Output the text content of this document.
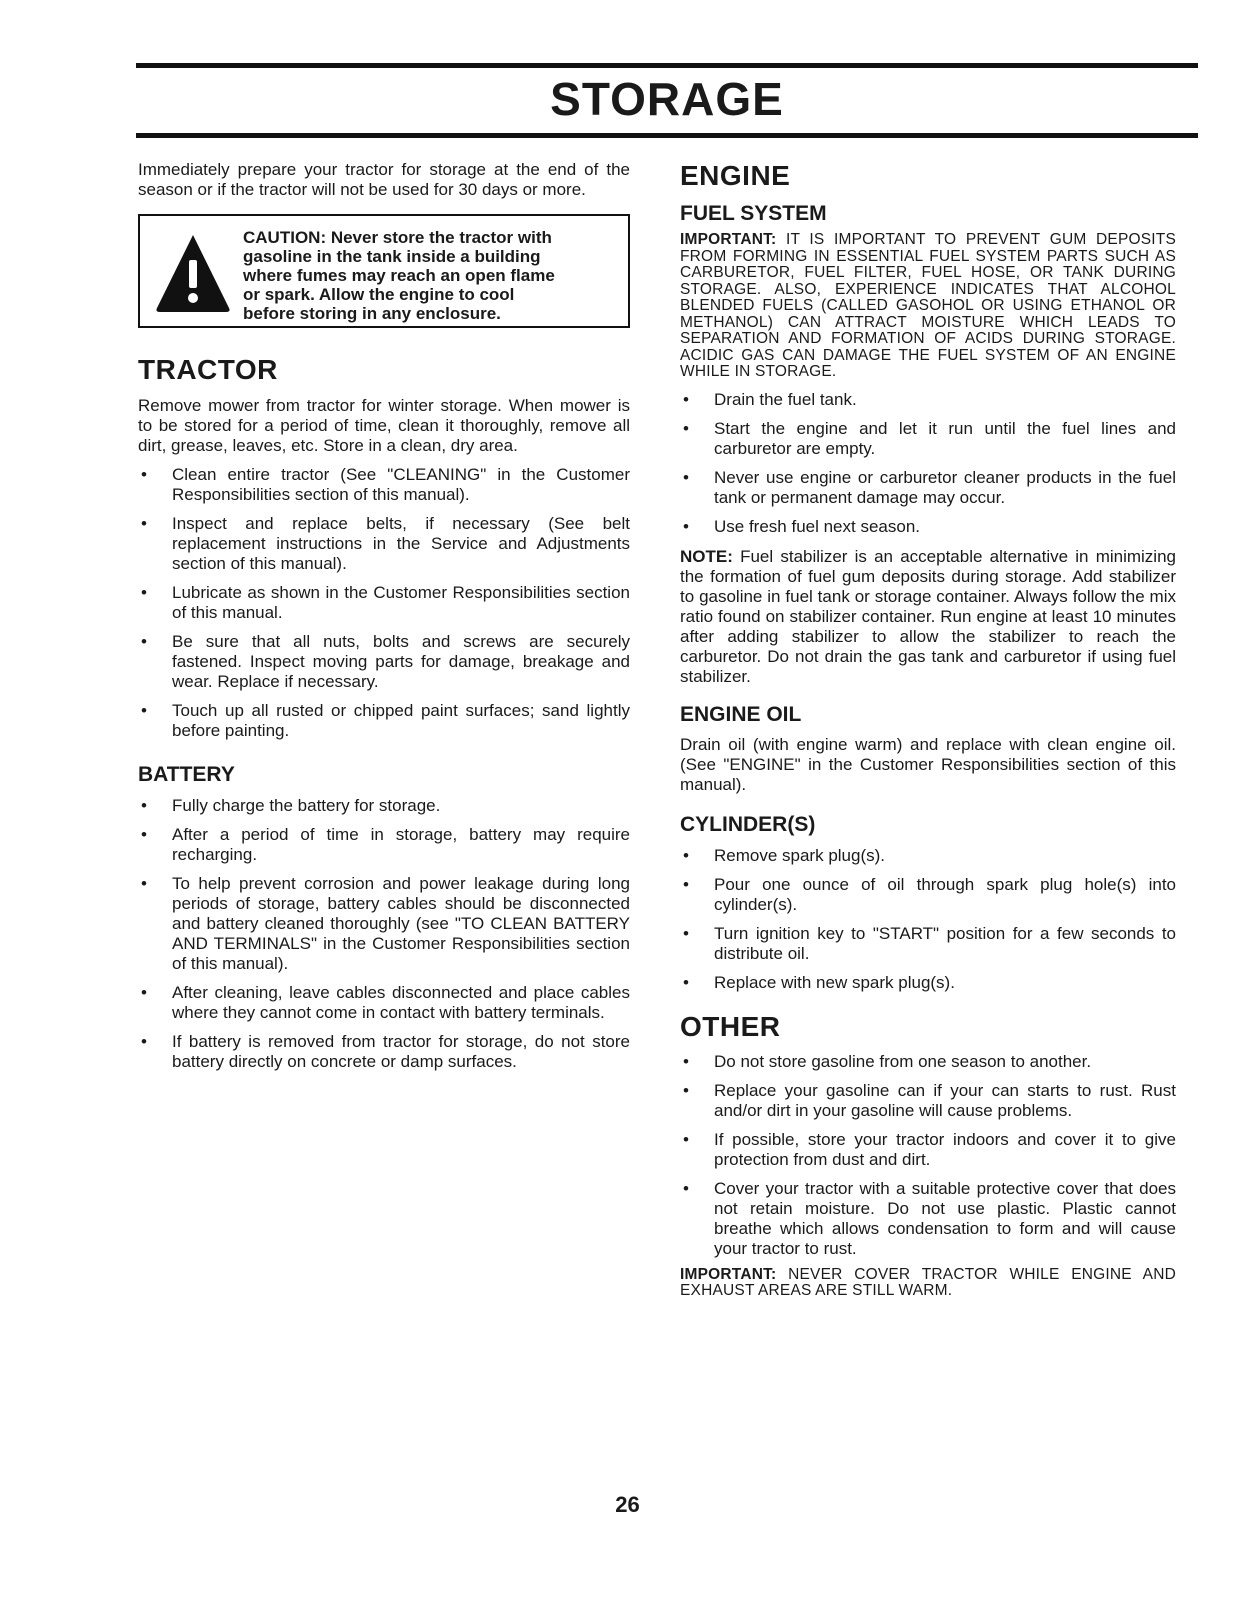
STORAGE

Immediately prepare your tractor for storage at the end of the season or if the tractor will not be used for 30 days or more.

CAUTION: Never store the tractor with
gasoline in the tank inside a building
where fumes may reach an open flame
or spark. Allow the engine to cool
before storing in any enclosure.
TRACTOR

Remove mower from tractor for winter storage. When mower is to be stored for a period of time, clean it thoroughly, remove all dirt, grease, leaves, etc. Store in a clean, dry area.

• Clean entire tractor (See "CLEANING" in the Customer Responsibilities section of this manual).
• Inspect and replace belts, if necessary (See belt replacement instructions in the Service and Adjustments section of this manual).
• Lubricate as shown in the Customer Responsibilities section of this manual.
• Be sure that all nuts, bolts and screws are securely fastened. Inspect moving parts for damage, breakage and wear. Replace if necessary.
• Touch up all rusted or chipped paint surfaces; sand lightly before painting.
BATTERY
• Fully charge the battery for storage.
• After a period of time in storage, battery may require recharging.
• To help prevent corrosion and power leakage during long periods of storage, battery cables should be disconnected and battery cleaned thoroughly (see "TO CLEAN BATTERY AND TERMINALS" in the Customer Responsibilities section of this manual).
• After cleaning, leave cables disconnected and place cables where they cannot come in contact with battery terminals.
• If battery is removed from tractor for storage, do not store battery directly on concrete or damp surfaces.
ENGINE
FUEL SYSTEM

IMPORTANT: IT IS IMPORTANT TO PREVENT GUM DEPOSITS FROM FORMING IN ESSENTIAL FUEL SYSTEM PARTS SUCH AS CARBURETOR, FUEL FILTER, FUEL HOSE, OR TANK DURING STORAGE. ALSO, EXPERIENCE INDICATES THAT ALCOHOL BLENDED FUELS (CALLED GASOHOL OR USING ETHANOL OR METHANOL) CAN ATTRACT MOISTURE WHICH LEADS TO SEPARATION AND FORMATION OF ACIDS DURING STORAGE. ACIDIC GAS CAN DAMAGE THE FUEL SYSTEM OF AN ENGINE WHILE IN STORAGE.

• Drain the fuel tank.
• Start the engine and let it run until the fuel lines and carburetor are empty.
• Never use engine or carburetor cleaner products in the fuel tank or permanent damage may occur.
• Use fresh fuel next season.

NOTE: Fuel stabilizer is an acceptable alternative in minimizing the formation of fuel gum deposits during storage. Add stabilizer to gasoline in fuel tank or storage container. Always follow the mix ratio found on stabilizer container. Run engine at least 10 minutes after adding stabilizer to allow the stabilizer to reach the carburetor. Do not drain the gas tank and carburetor if using fuel stabilizer.

ENGINE OIL

Drain oil (with engine warm) and replace with clean engine oil. (See "ENGINE" in the Customer Responsibilities section of this manual).

CYLINDER(S)
• Remove spark plug(s).
• Pour one ounce of oil through spark plug hole(s) into cylinder(s).
• Turn ignition key to "START" position for a few seconds to distribute oil.
• Replace with new spark plug(s).
OTHER
• Do not store gasoline from one season to another.
• Replace your gasoline can if your can starts to rust. Rust and/or dirt in your gasoline will cause problems.
• If possible, store your tractor indoors and cover it to give protection from dust and dirt.
• Cover your tractor with a suitable protective cover that does not retain moisture. Do not use plastic. Plastic cannot breathe which allows condensation to form and will cause your tractor to rust.

IMPORTANT: NEVER COVER TRACTOR WHILE ENGINE AND EXHAUST AREAS ARE STILL WARM.

26
